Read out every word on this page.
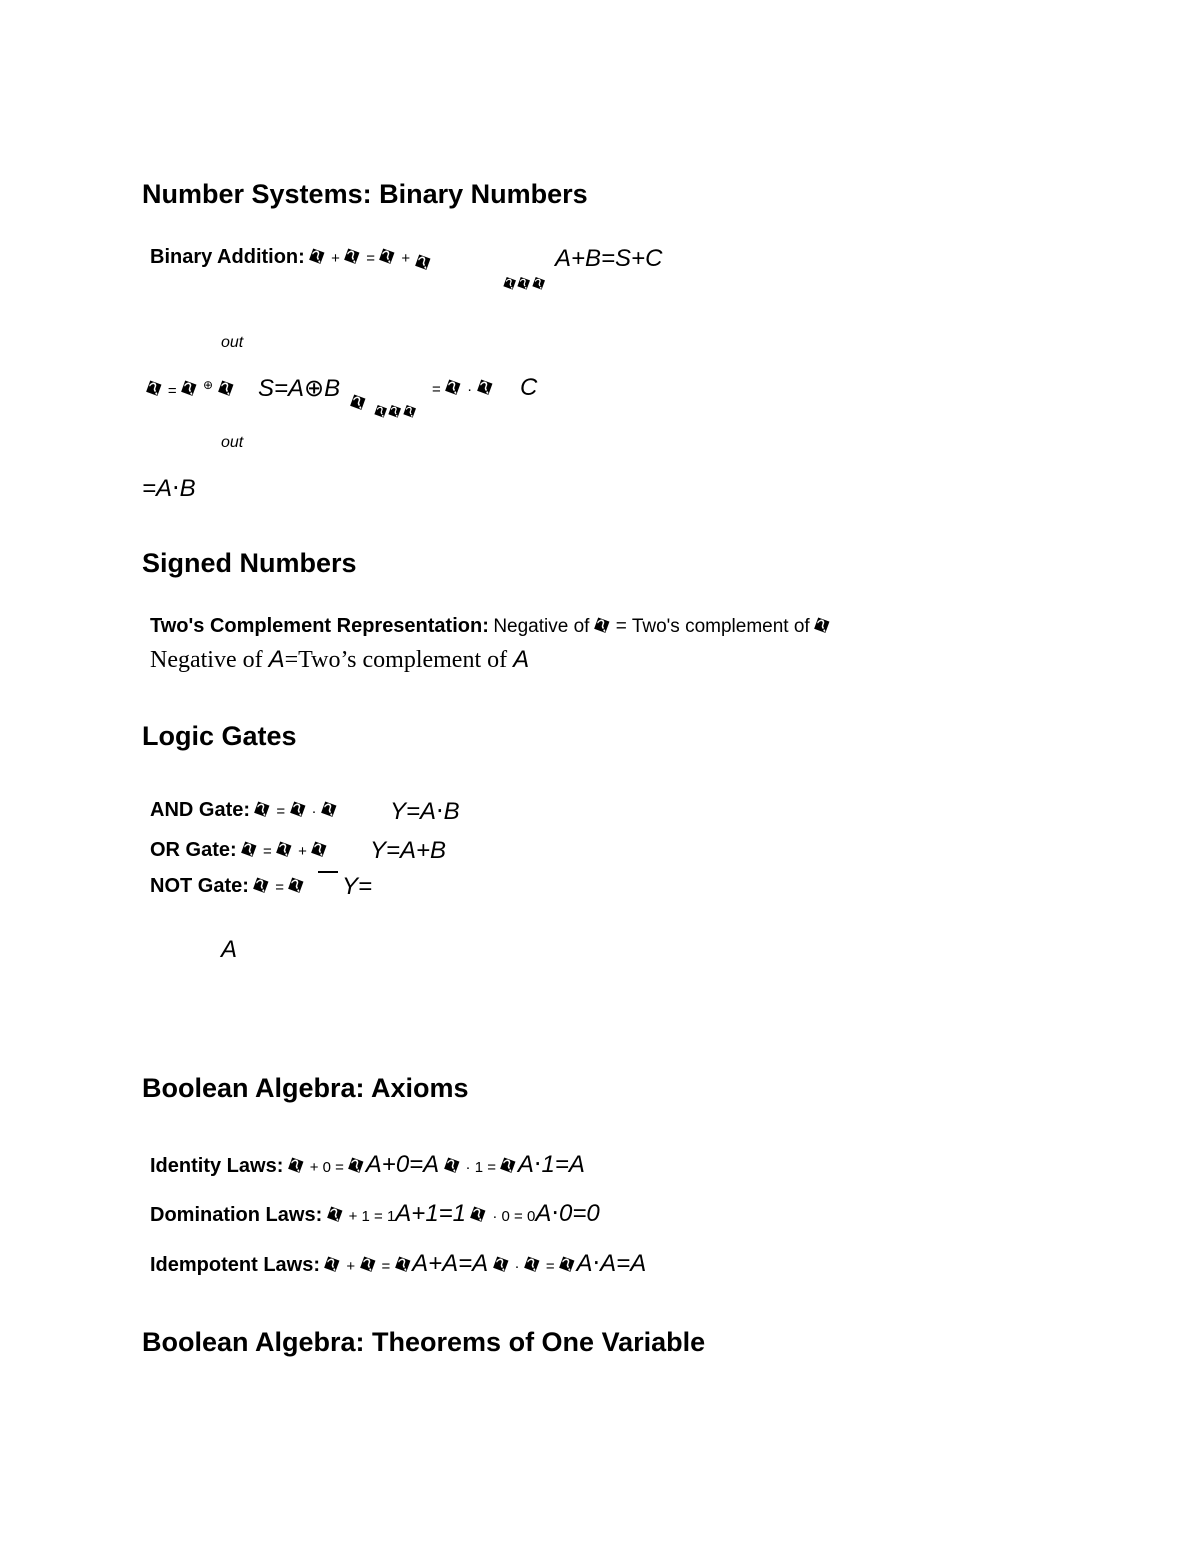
Number Systems: Binary Numbers
Binary Addition: � + � = � + �
���
A+B=S+C
out
� = � ⊕ � S=A⊕B
� ���
= � · � C
out
=A⋅B
Signed Numbers
Two's Complement Representation: Negative of � = Two's complement of �
Negative of A=Two’s complement of A
Logic Gates
AND Gate: � = � · � Y=A⋅B
OR Gate: � = � + � Y=A+B
NOT Gate: � = � Y=
A
Boolean Algebra: Axioms
Identity Laws: � + 0 = �A+0=A � · 1 = �A⋅1=A
Domination Laws: � + 1 = 1A+1=1 � · 0 = 0A⋅0=0
Idempotent Laws: � + � = �A+A=A � · � = �A⋅A=A
Boolean Algebra: Theorems of One Variable
